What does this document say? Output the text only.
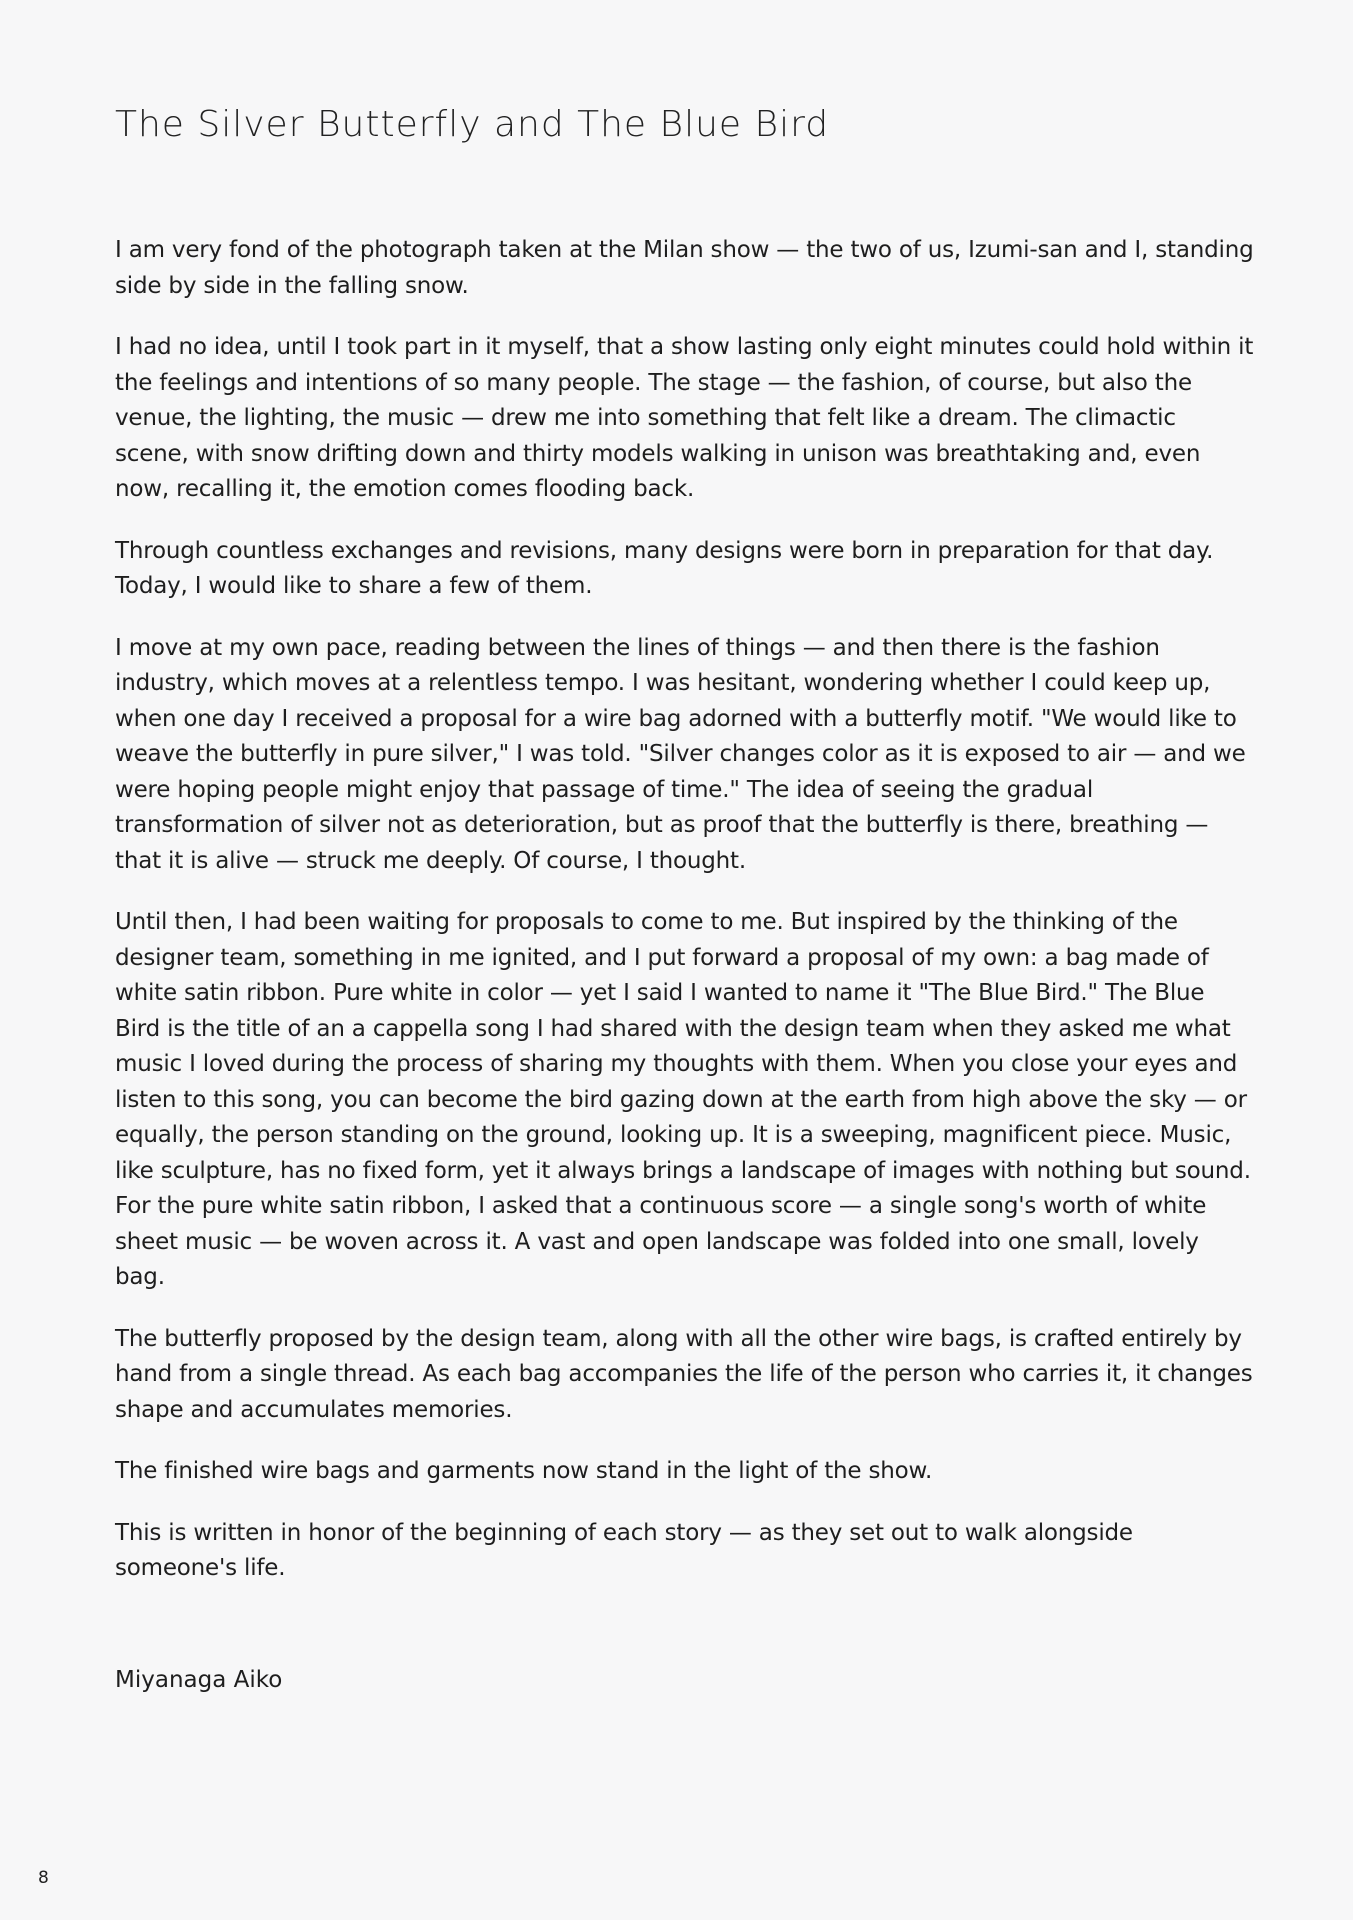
The Silver Butterfly and The Blue Bird

I am very fond of the photograph taken at the Milan show — the two of us, Izumi-san and I, standing side by side in the falling snow.

I had no idea, until I took part in it myself, that a show lasting only eight minutes could hold within it the feelings and intentions of so many people. The stage — the fashion, of course, but also the venue, the lighting, the music — drew me into something that felt like a dream. The climactic scene, with snow drifting down and thirty models walking in unison was breathtaking and, even now, recalling it, the emotion comes flooding back.

Through countless exchanges and revisions, many designs were born in preparation for that day. Today, I would like to share a few of them.

I move at my own pace, reading between the lines of things — and then there is the fashion industry, which moves at a relentless tempo. I was hesitant, wondering whether I could keep up, when one day I received a proposal for a wire bag adorned with a butterfly motif. "We would like to weave the butterfly in pure silver," I was told. "Silver changes color as it is exposed to air — and we were hoping people might enjoy that passage of time." The idea of seeing the gradual transformation of silver not as deterioration, but as proof that the butterfly is there, breathing — that it is alive — struck me deeply. Of course, I thought.

Until then, I had been waiting for proposals to come to me. But inspired by the thinking of the designer team, something in me ignited, and I put forward a proposal of my own: a bag made of white satin ribbon. Pure white in color — yet I said I wanted to name it "The Blue Bird." The Blue Bird is the title of an a cappella song I had shared with the design team when they asked me what music I loved during the process of sharing my thoughts with them. When you close your eyes and listen to this song, you can become the bird gazing down at the earth from high above the sky — or equally, the person standing on the ground, looking up. It is a sweeping, magnificent piece. Music, like sculpture, has no fixed form, yet it always brings a landscape of images with nothing but sound. For the pure white satin ribbon, I asked that a continuous score — a single song's worth of white sheet music — be woven across it. A vast and open landscape was folded into one small, lovely bag.

The butterfly proposed by the design team, along with all the other wire bags, is crafted entirely by hand from a single thread. As each bag accompanies the life of the person who carries it, it changes shape and accumulates memories.

The finished wire bags and garments now stand in the light of the show.

This is written in honor of the beginning of each story — as they set out to walk alongside someone's life.

Miyanaga Aiko

8
